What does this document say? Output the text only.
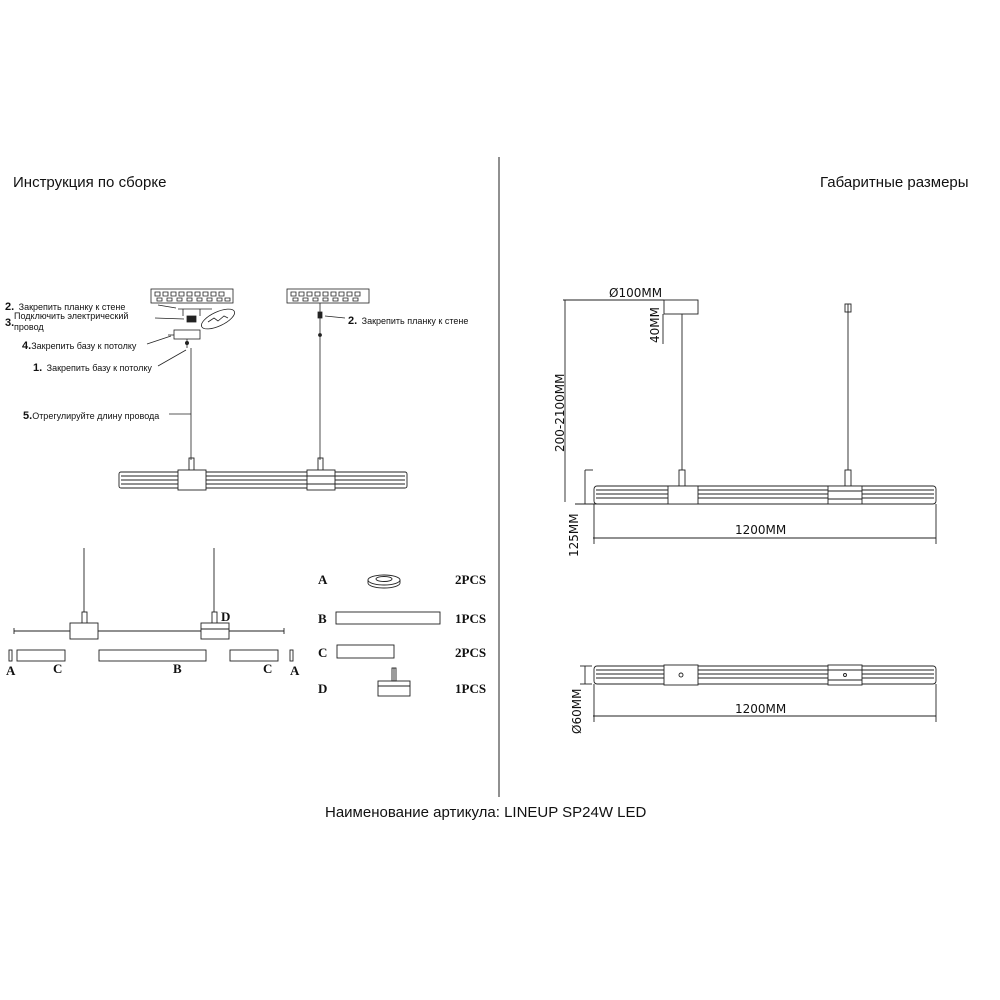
Инструкция по сборке	Габаритные размеры
2. Закрепить планку к стене
Подключить электрический
3. провод
4.Закрепить базу к потолку
1. Закрепить базу к потолку
5.Отрегулируйте длину провода
2. Закрепить планку к стене
A	C	B	C A
D
A	2PCS
B	1PCS
C	2PCS
D	1PCS
Ø100MM
40MM
200-2100MM
125MM	1200MM
1200MM
Ø60MM
Наименование артикула: LINEUP SP24W LED
